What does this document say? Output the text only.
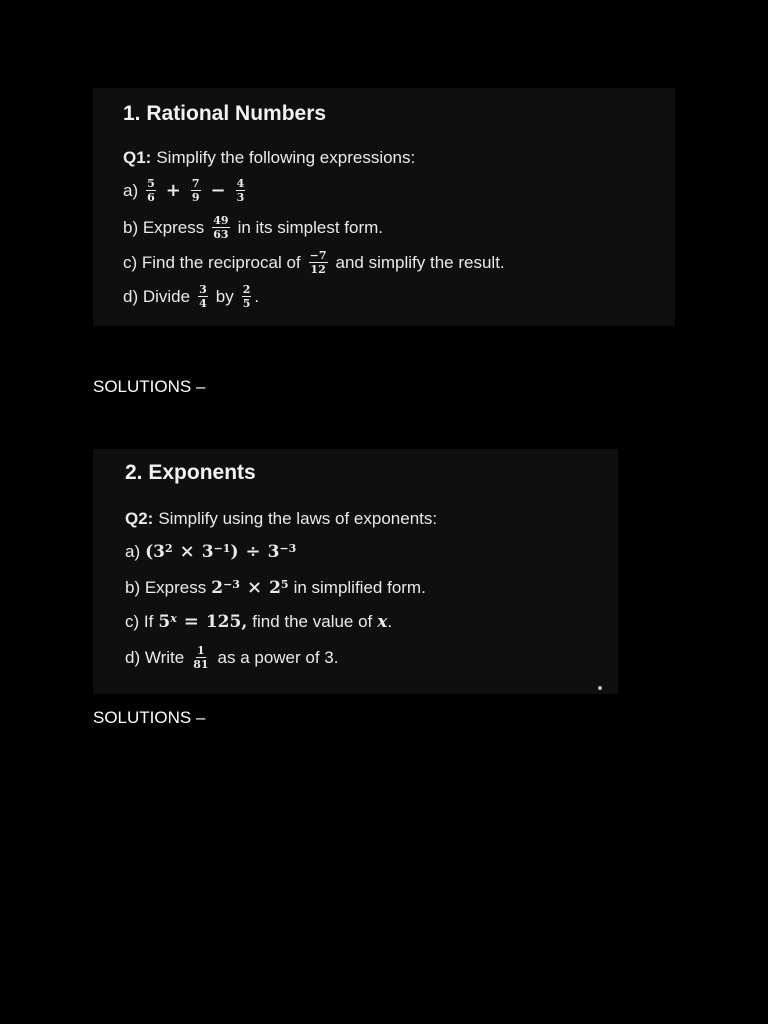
1. Rational Numbers
Q1: Simplify the following expressions:
$a) \frac{5}{6} + \frac{7}{9} - \frac{4}{3}$
b) Express $\frac{49}{63}$ in its simplest form.
c) Find the reciprocal of $\frac{-7}{12}$ and simplify the result.
d) Divide $\frac{3}{4}$ by $\frac{2}{5}$ .
SOLUTIONS –
2. Exponents
Q2: Simplify using the laws of exponents:
a) ($3^2 \times 3^{-1}$ ) ÷ $3^{-3}$
b) Express $2^{-3} \times 2^5$ in simplified form.
c) If $5^x = 125$, find the value of x .
d) Write $\frac{1}{81}$ as a power of 3.
SOLUTIONS –
